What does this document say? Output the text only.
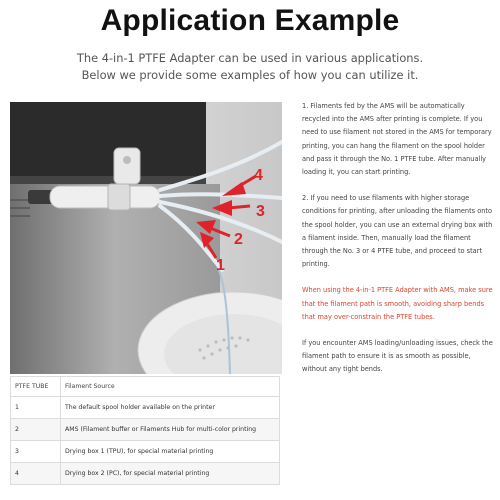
Application Example
The 4-in-1 PTFE Adapter can be used in various applications.
Below we provide some examples of how you can utilize it.
4
3
2
1
PTFE TUBE	Filament Source
1	The default spool holder available on the printer
2	AMS (Filament buffer or Filaments Hub for multi-color printing
3	Drying box 1 (TPU), for special material printing
4	Drying box 2 (PC), for special material printing

1. Filaments fed by the AMS will be automatically recycled into the AMS after printing is complete. If you need to use filament not stored in the AMS for temporary printing, you can hang the filament on the spool holder and pass it through the No. 1 PTFE tube. After manually loading it, you can start printing.

2. If you need to use filaments with higher storage conditions for printing, after unloading the filaments onto the spool holder, you can use an external drying box with a filament inside. Then, manually load the filament through the No. 3 or 4 PTFE tube, and proceed to start printing.

When using the 4-in-1 PTFE Adapter with AMS, make sure that the filament path is smooth, avoiding sharp bends that may over-constrain the PTFE tubes.

If you encounter AMS loading/unloading issues, check the filament path to ensure it is as smooth as possible, without any tight bends.
